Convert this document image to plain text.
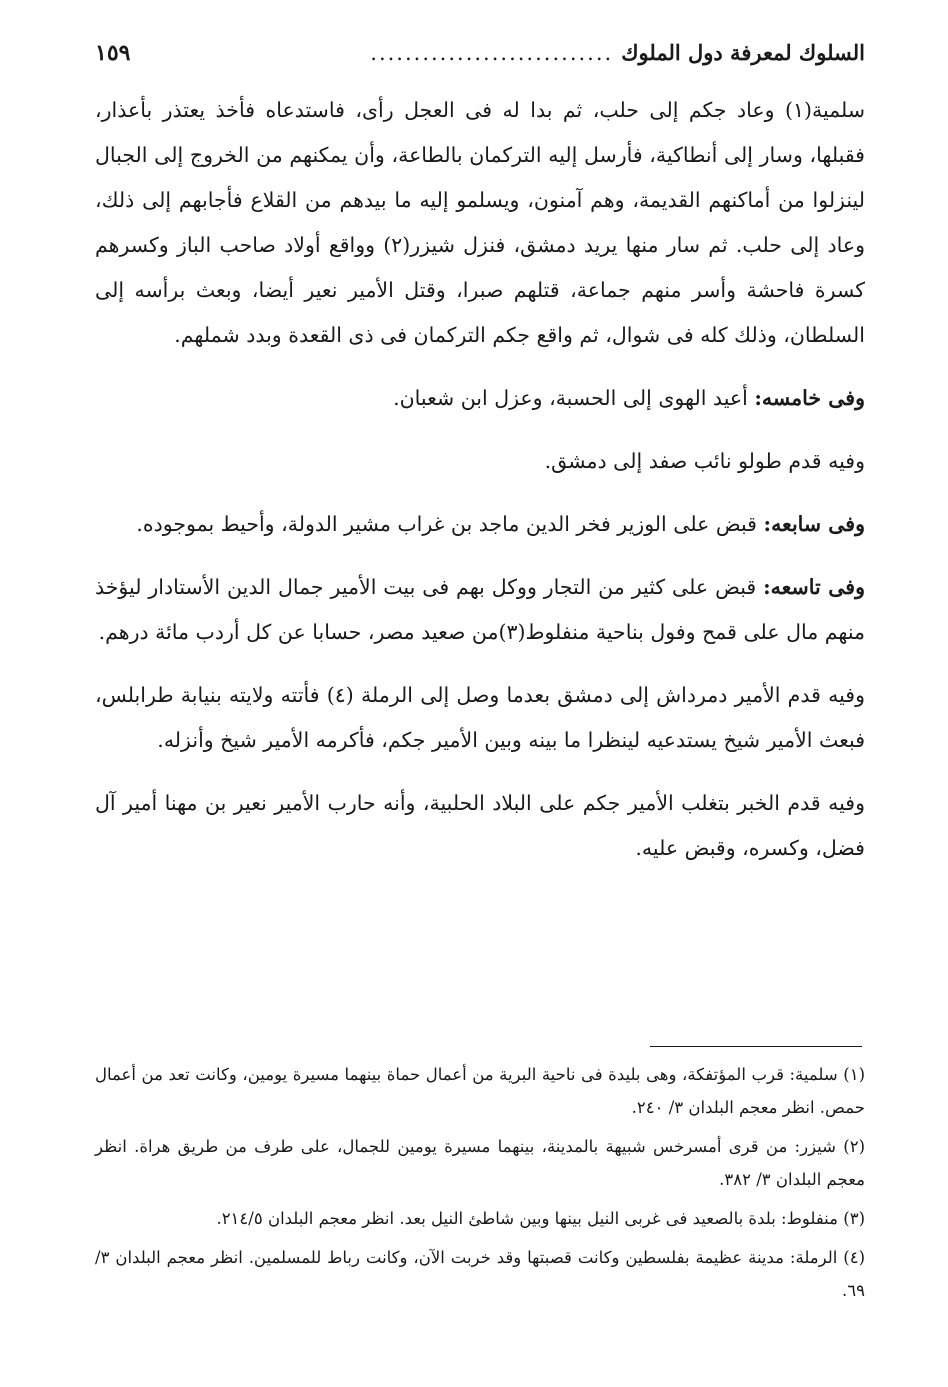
السلوك لمعرفة دول الملوك
............................
١٥٩

سلمية(١) وعاد جكم إلى حلب، ثم بدا له فى العجل رأى، فاستدعاه فأخذ يعتذر بأعذار، فقبلها، وسار إلى أنطاكية، فأرسل إليه التركمان بالطاعة، وأن يمكنهم من الخروج إلى الجبال لينزلوا من أماكنهم القديمة، وهم آمنون، ويسلمو إليه ما بيدهم من القلاع فأجابهم إلى ذلك، وعاد إلى حلب. ثم سار منها يريد دمشق، فنزل شيزر(٢) وواقع أولاد صاحب الباز وكسرهم كسرة فاحشة وأسر منهم جماعة، قتلهم صبرا، وقتل الأمير نعير أيضا، وبعث برأسه إلى السلطان، وذلك كله فى شوال، ثم واقع جكم التركمان فى ذى القعدة وبدد شملهم.

وفى خامسه: أعيد الهوى إلى الحسبة، وعزل ابن شعبان.

وفيه قدم طولو نائب صفد إلى دمشق.

وفى سابعه: قبض على الوزير فخر الدين ماجد بن غراب مشير الدولة، وأحيط بموجوده.

وفى تاسعه: قبض على كثير من التجار ووكل بهم فى بيت الأمير جمال الدين الأستادار ليؤخذ منهم مال على قمح وفول بناحية منفلوط(٣)من صعيد مصر، حسابا عن كل أردب مائة درهم.

وفيه قدم الأمير دمرداش إلى دمشق بعدما وصل إلى الرملة (٤) فأتته ولايته بنيابة طرابلس، فبعث الأمير شيخ يستدعيه لينظرا ما بينه وبين الأمير جكم، فأكرمه الأمير شيخ وأنزله.

وفيه قدم الخبر بتغلب الأمير جكم على البلاد الحلبية، وأنه حارب الأمير نعير بن مهنا أمير آل فضل، وكسره، وقبض عليه.

(١) سلمية: قرب المؤتفكة، وهى بليدة فى ناحية البرية من أعمال حماة بينهما مسيرة يومين، وكانت تعد من أعمال حمص. انظر معجم البلدان ٣/ ٢٤٠.

(٢) شيزر: من قرى أمسرخس شبيهة بالمدينة، بينهما مسيرة يومين للجمال، على طرف من طريق هراة. انظر معجم البلدان ٣/ ٣٨٢.

(٣) منفلوط: بلدة بالصعيد فى غربى النيل بينها وبين شاطئ النيل بعد. انظر معجم البلدان ٢١٤/٥.

(٤) الرملة: مدينة عظيمة بفلسطين وكانت قصبتها وقد خربت الآن، وكانت رباط للمسلمين. انظر معجم البلدان ٣/ ٦٩.
